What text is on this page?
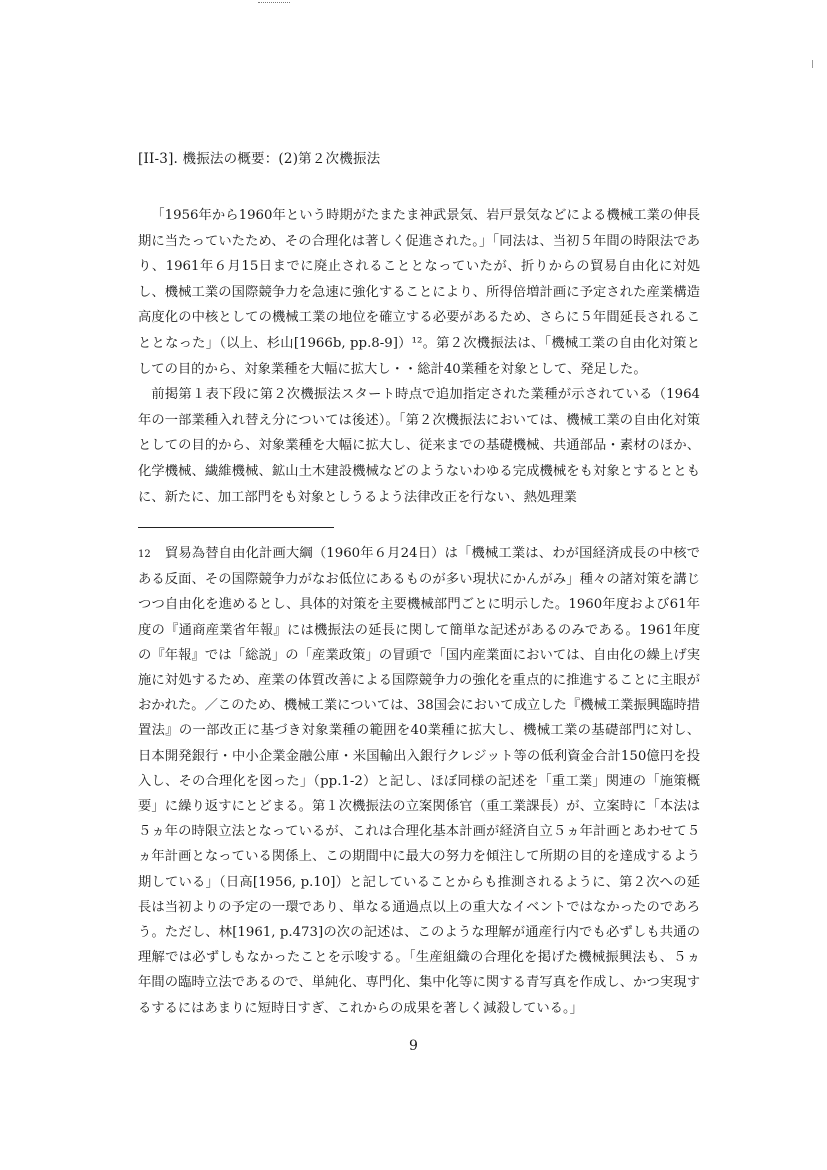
[II-3]. 機振法の概要：(2)第２次機振法

「1956年から1960年という時期がたまたま神武景気、岩戸景気などによる機械工業の伸長期に当たっていたため、その合理化は著しく促進された。」「同法は、当初５年間の時限法であり、1961年６月15日までに廃止されることとなっていたが、折りからの貿易自由化に対処し、機械工業の国際競争力を急速に強化することにより、所得倍増計画に予定された産業構造高度化の中核としての機械工業の地位を確立する必要があるため、さらに５年間延長されることとなった」（以上、杉山[1966b, pp.8-9]）¹²。第２次機振法は、「機械工業の自由化対策としての目的から、対象業種を大幅に拡大し・・総計40業種を対象として、発足した。

前掲第１表下段に第２次機振法スタート時点で追加指定された業種が示されている（1964年の一部業種入れ替え分については後述）。「第２次機振法においては、機械工業の自由化対策としての目的から、対象業種を大幅に拡大し、従来までの基礎機械、共通部品・素材のほか、化学機械、繊維機械、鉱山土木建設機械などのようないわゆる完成機械をも対象とするとともに、新たに、加工部門をも対象としうるよう法律改正を行ない、熱処理業

12 貿易為替自由化計画大綱（1960年６月24日）は「機械工業は、わが国経済成長の中核である反面、その国際競争力がなお低位にあるものが多い現状にかんがみ」種々の諸対策を講じつつ自由化を進めるとし、具体的対策を主要機械部門ごとに明示した。1960年度および61年度の『通商産業省年報』には機振法の延長に関して簡単な記述があるのみである。1961年度の『年報』では「総説」の「産業政策」の冒頭で「国内産業面においては、自由化の繰上げ実施に対処するため、産業の体質改善による国際競争力の強化を重点的に推進することに主眼がおかれた。／このため、機械工業については、38国会において成立した『機械工業振興臨時措置法』の一部改正に基づき対象業種の範囲を40業種に拡大し、機械工業の基礎部門に対し、日本開発銀行・中小企業金融公庫・米国輸出入銀行クレジット等の低利資金合計150億円を投入し、その合理化を図った」（pp.1-2）と記し、ほぼ同様の記述を「重工業」関連の「施策概要」に繰り返すにとどまる。第１次機振法の立案関係官（重工業課長）が、立案時に「本法は５ヵ年の時限立法となっているが、これは合理化基本計画が経済自立５ヵ年計画とあわせて５ヵ年計画となっている関係上、この期間中に最大の努力を傾注して所期の目的を達成するよう期している」（日高[1956, p.10]）と記していることからも推測されるように、第２次への延長は当初よりの予定の一環であり、単なる通過点以上の重大なイベントではなかったのであろう。ただし、林[1961, p.473]の次の記述は、このような理解が通産行内でも必ずしも共通の理解では必ずしもなかったことを示唆する。「生産組織の合理化を掲げた機械振興法も、５ヵ年間の臨時立法であるので、単純化、専門化、集中化等に関する青写真を作成し、かつ実現するするにはあまりに短時日すぎ、これからの成果を著しく減殺している。」

9
